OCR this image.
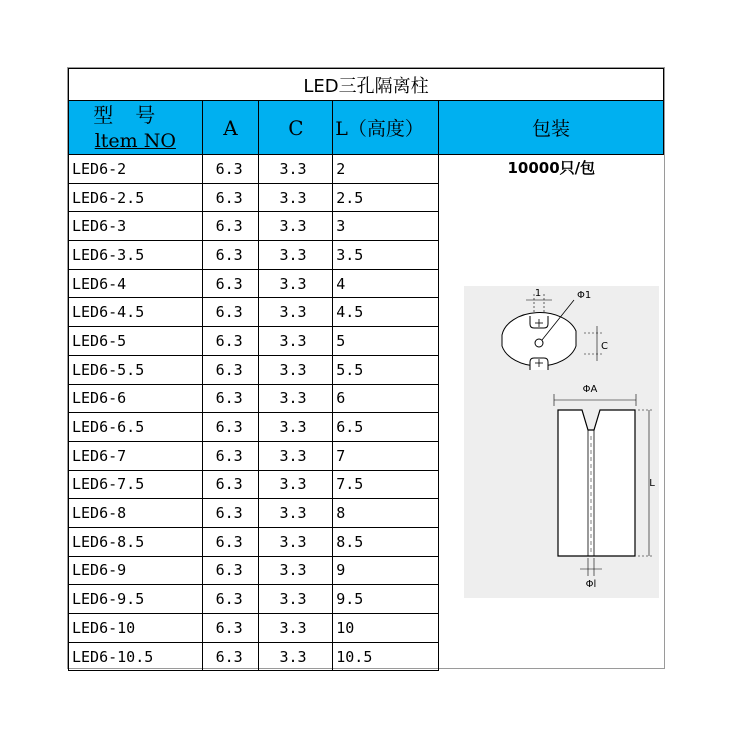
LED三孔隔离柱				

型号
ltem NO	A	C	L（高度）	包装
LED6-2	6.3	3.3	2	10000只/包

LED6-2.5	6.3	3.3	2.5	
LED6-3	6.3	3.3	3	
LED6-3.5	6.3	3.3	3.5	
LED6-4	6.3	3.3	4	
LED6-4.5	6.3	3.3	4.5	
LED6-5	6.3	3.3	5	
LED6-5.5	6.3	3.3	5.5	
LED6-6	6.3	3.3	6	
LED6-6.5	6.3	3.3	6.5	
LED6-7	6.3	3.3	7	
LED6-7.5	6.3	3.3	7.5	
LED6-8	6.3	3.3	8	
LED6-8.5	6.3	3.3	8.5	
LED6-9	6.3	3.3	9	
LED6-9.5	6.3	3.3	9.5	
LED6-10	6.3	3.3	10	
LED6-10.5	6.3	3.3	10.5	
1	Φ1
C
ΦA
L
Φl
